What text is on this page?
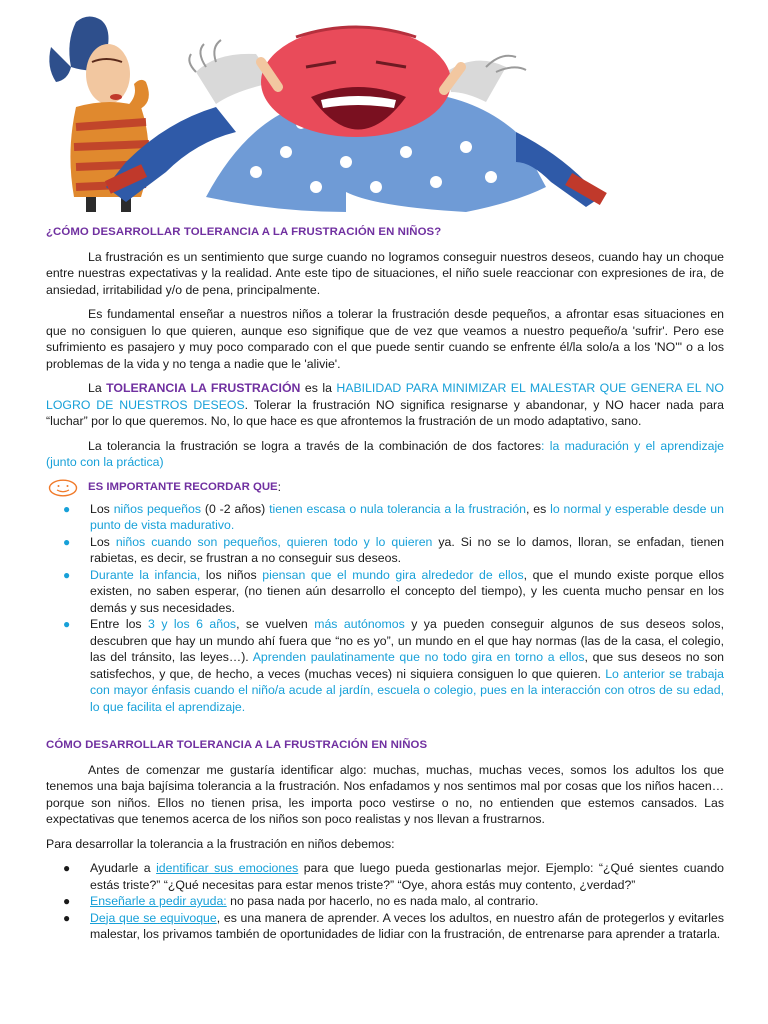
¿CÓMO DESARROLLAR TOLERANCIA A LA FRUSTRACIÓN EN NIÑOS?

La frustración es un sentimiento que surge cuando no logramos conseguir nuestros deseos, cuando hay un choque entre nuestras expectativas y la realidad. Ante este tipo de situaciones, el niño suele reaccionar con expresiones de ira, de ansiedad, irritabilidad y/o de pena, principalmente.

Es fundamental enseñar a nuestros niños a tolerar la frustración desde pequeños, a afrontar esas situaciones en que no consiguen lo que quieren, aunque eso signifique que de vez que veamos a nuestro pequeño/a 'sufrir'. Pero ese sufrimiento es pasajero y muy poco comparado con el que puede sentir cuando se enfrente él/la solo/a a los 'NO'" o a los problemas de la vida y no tenga a nadie que le 'alivie'.

La TOLERANCIA LA FRUSTRACIÓN es la HABILIDAD PARA MINIMIZAR EL MALESTAR QUE GENERA EL NO LOGRO DE NUESTROS DESEOS. Tolerar la frustración NO significa resignarse y abandonar, y NO hacer nada para “luchar” por lo que queremos. No, lo que hace es que afrontemos la frustración de un modo adaptativo, sano.

La tolerancia la frustración se logra a través de la combinación de dos factores: la maduración y el aprendizaje (junto con la práctica)

ES IMPORTANTE RECORDAR QUE :
● Los niños pequeños (0 -2 años) tienen escasa o nula tolerancia a la frustración, es lo normal y esperable desde un punto de vista madurativo.
● Los niños cuando son pequeños, quieren todo y lo quieren ya. Si no se lo damos, lloran, se enfadan, tienen rabietas, es decir, se frustran a no conseguir sus deseos.
● Durante la infancia, los niños piensan que el mundo gira alrededor de ellos, que el mundo existe porque ellos existen, no saben esperar, (no tienen aún desarrollo el concepto del tiempo), y les cuenta mucho pensar en los demás y sus necesidades.
● Entre los 3 y los 6 años, se vuelven más autónomos y ya pueden conseguir algunos de sus deseos solos, descubren que hay un mundo ahí fuera que “no es yo”, un mundo en el que hay normas (las de la casa, el colegio, las del tránsito, las leyes…). Aprenden paulatinamente que no todo gira en torno a ellos, que sus deseos no son satisfechos, y que, de hecho, a veces (muchas veces) ni siquiera consiguen lo que quieren. Lo anterior se trabaja con mayor énfasis cuando el niño/a acude al jardín, escuela o colegio, pues en la interacción con otros de su edad, lo que facilita el aprendizaje.

CÓMO DESARROLLAR TOLERANCIA A LA FRUSTRACIÓN EN NIÑOS

Antes de comenzar me gustaría identificar algo: muchas, muchas, muchas veces, somos los adultos los que tenemos una baja bajísima tolerancia a la frustración. Nos enfadamos y nos sentimos mal por cosas que los niños hacen… porque son niños. Ellos no tienen prisa, les importa poco vestirse o no, no entienden que estemos cansados. Las expectativas que tenemos acerca de los niños son poco realistas y nos llevan a frustrarnos.

Para desarrollar la tolerancia a la frustración en niños debemos:

● Ayudarle a identificar sus emociones para que luego pueda gestionarlas mejor. Ejemplo: “¿Qué sientes cuando estás triste?” “¿Qué necesitas para estar menos triste?” “Oye, ahora estás muy contento, ¿verdad?”
● Enseñarle a pedir ayuda: no pasa nada por hacerlo, no es nada malo, al contrario.
● Deja que se equivoque, es una manera de aprender. A veces los adultos, en nuestro afán de protegerlos y evitarles malestar, los privamos también de oportunidades de lidiar con la frustración, de entrenarse para aprender a tratarla.
